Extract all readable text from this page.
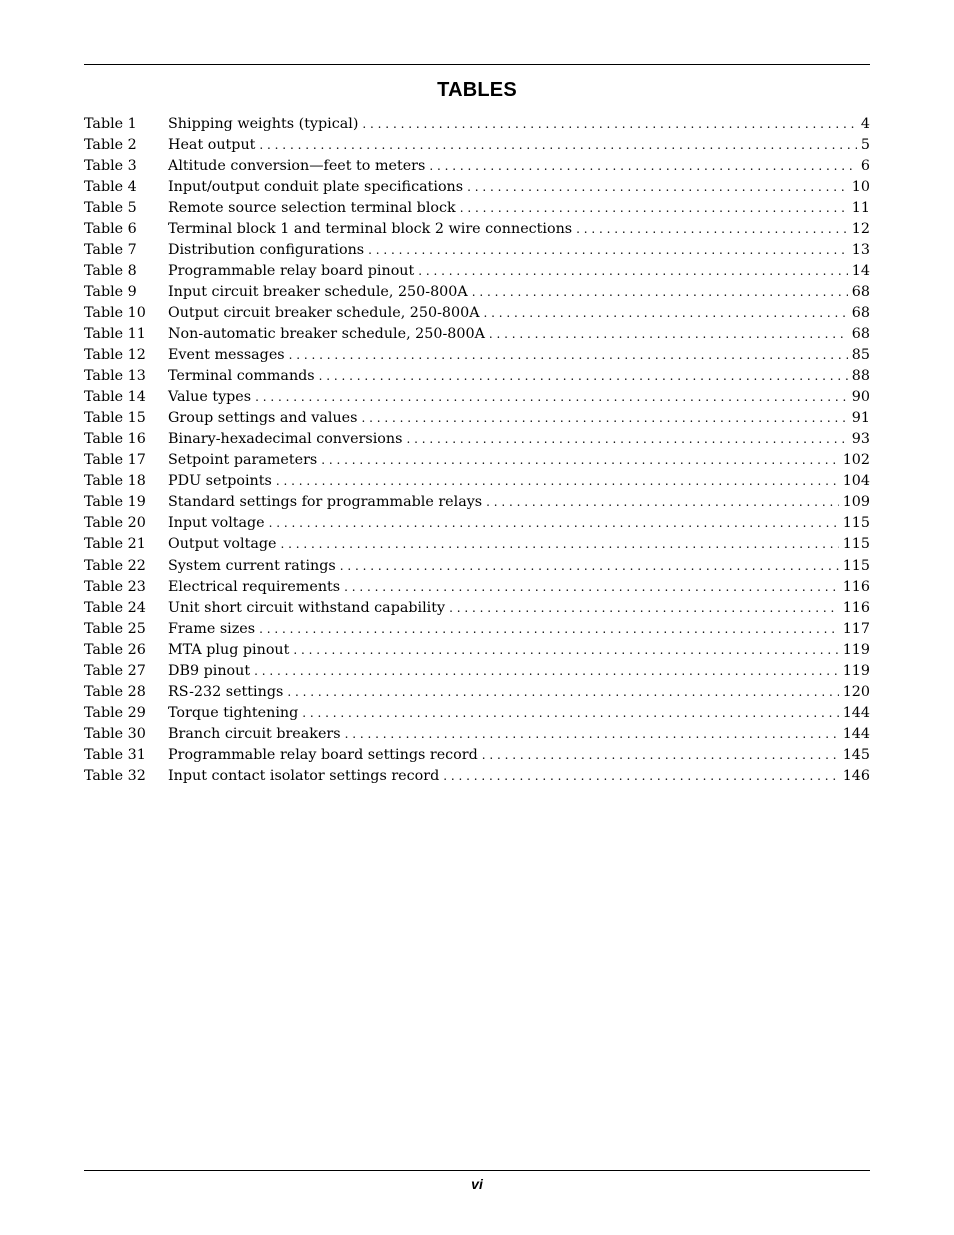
TABLES
Table 1	Shipping weights (typical) . . .	4
Table 2	Heat output . . .	5
Table 3	Altitude conversion—feet to meters . . .	6
Table 4	Input/output conduit plate specifications . . .	10
Table 5	Remote source selection terminal block . . .	11
Table 6	Terminal block 1 and terminal block 2 wire connections . . .	12
Table 7	Distribution configurations . . .	13
Table 8	Programmable relay board pinout . . .	14
Table 9	Input circuit breaker schedule, 250-800A . . .	68
Table 10	Output circuit breaker schedule, 250-800A . . .	68
Table 11	Non-automatic breaker schedule, 250-800A . . .	68
Table 12	Event messages . . .	85
Table 13	Terminal commands . . .	88
Table 14	Value types . . .	90
Table 15	Group settings and values . . .	91
Table 16	Binary-hexadecimal conversions . . .	93
Table 17	Setpoint parameters . . .	102
Table 18	PDU setpoints . . .	104
Table 19	Standard settings for programmable relays . . .	109
Table 20	Input voltage . . .	115
Table 21	Output voltage . . .	115
Table 22	System current ratings . . .	115
Table 23	Electrical requirements . . .	116
Table 24	Unit short circuit withstand capability . . .	116
Table 25	Frame sizes . . .	117
Table 26	MTA plug pinout . . .	119
Table 27	DB9 pinout . . .	119
Table 28	RS-232 settings . . .	120
Table 29	Torque tightening . . .	144
Table 30	Branch circuit breakers . . .	144
Table 31	Programmable relay board settings record . . .	145
Table 32	Input contact isolator settings record . . .	146
vi
